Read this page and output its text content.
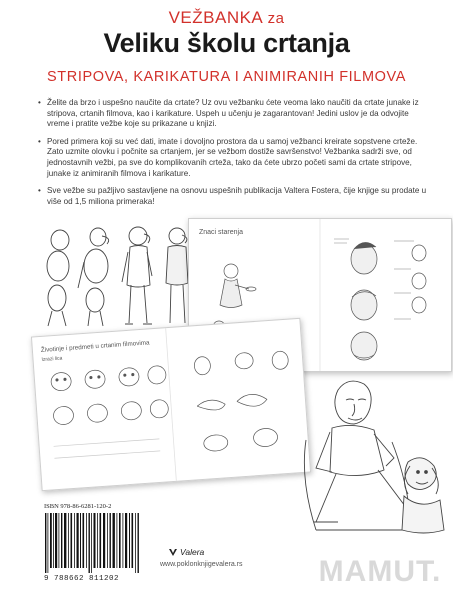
VEŽBANKA za
Veliku školu crtanja
STRIPOVA, KARIKATURA I ANIMIRANIH FILMOVA
• Želite da brzo i uspešno naučite da crtate? Uz ovu vežbanku ćete veoma lako naučiti da crtate junake iz stripova, crtanih filmova, kao i karikature. Uspeh u učenju je zagarantovan! Jedini uslov je da odvojite vreme i pratite vežbe koje su prikazane u knjizi.
• Pored primera koji su već dati, imate i dovoljno prostora da u samoj vežbanci kreirate sopstvene crteže. Zato uzmite olovku i počnite sa crtanjem, jer se vežbom dostiže savršenstvo! Vežbanka sadrži sve, od jednostavnih vežbi, pa sve do komplikovanih crteža, tako da ćete ubrzo početi sami da crtate stripove, junake iz animiranih filmova i karikature.
• Sve vežbe su pažljivo sastavljene na osnovu uspešnih publikacija Valtera Fostera, čije knjige su prodate u više od 1,5 miliona primeraka!
Znaci starenja
Životinje i predmeti u crtanim filmovima
Izrazi lica
ISBN 978-86-6281-120-2
9 788662 811202
Valera
www.poklonknjigevalera.rs	MAMUT.
